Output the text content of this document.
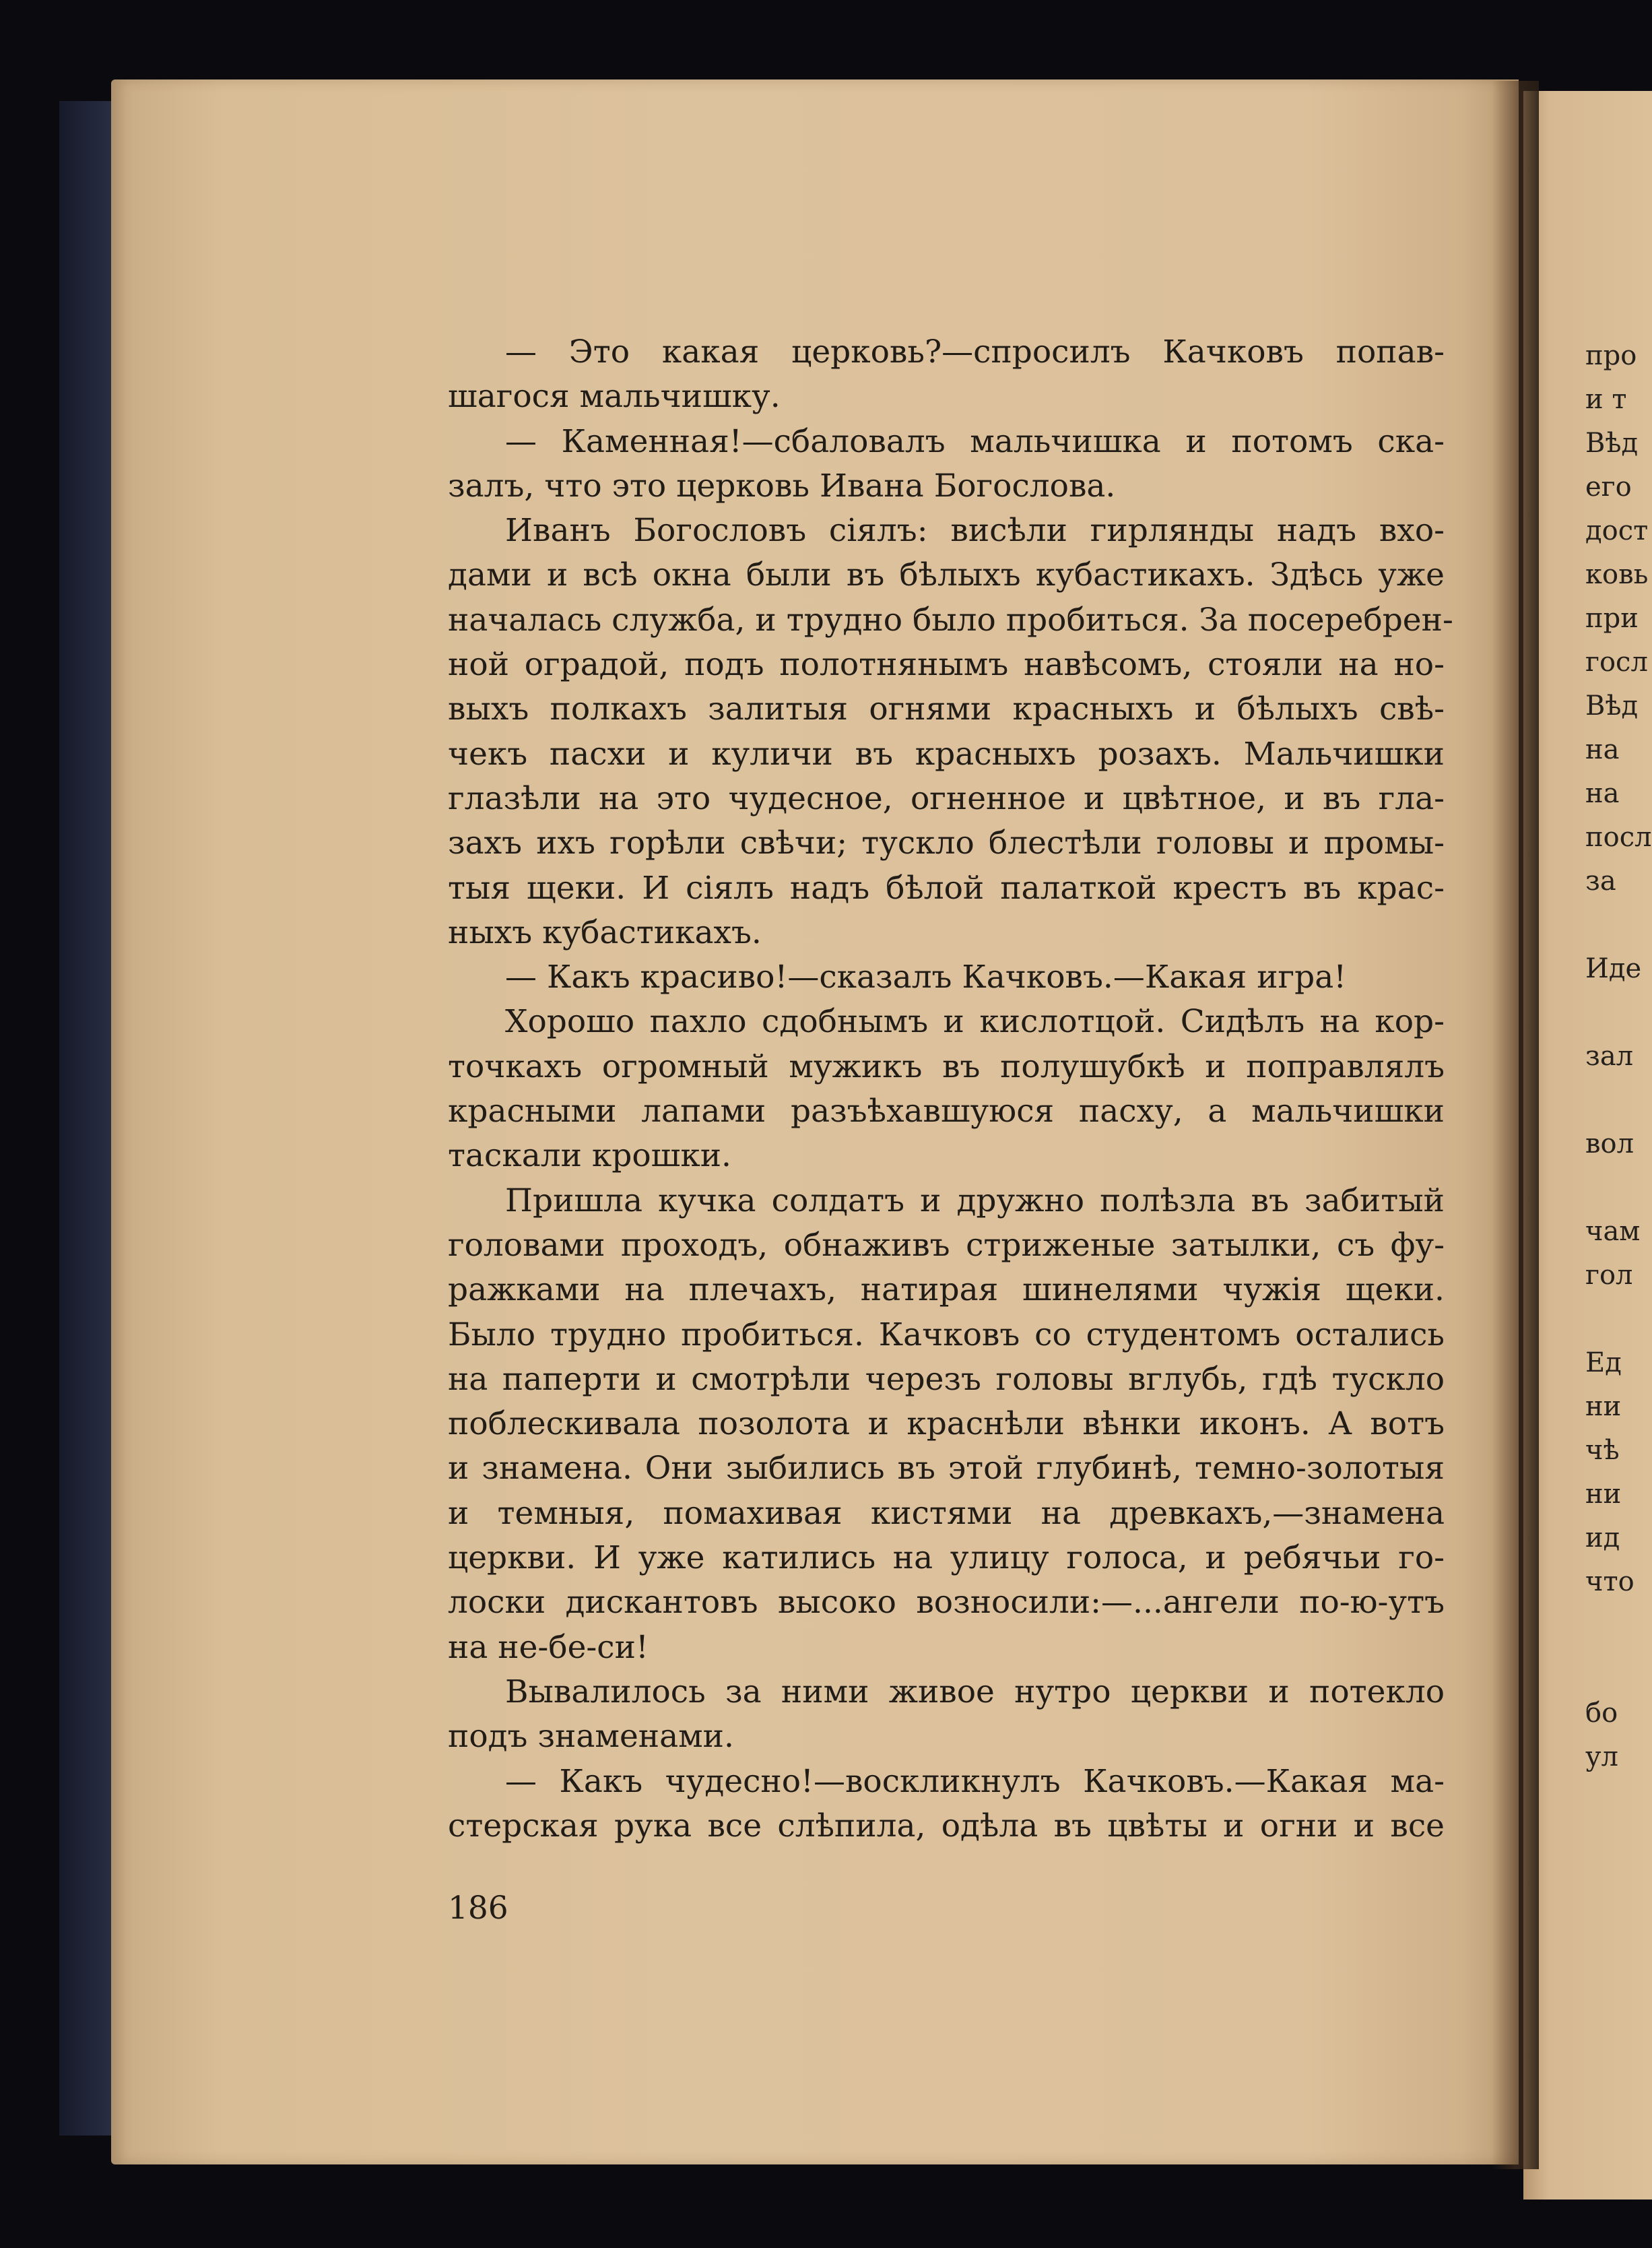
про
и т
Вѣд
его
дост
ковь
при
госл
Вѣд
на
на
посл
за
Иде
зал
вол
чам
гол
Ед
ни
чѣ
ни
ид
что
бо
ул
— Это какая церковь?—спросилъ Качковъ попав-
шагося мальчишку.
— Каменная!—сбаловалъ мальчишка и потомъ ска-
залъ, что это церковь Ивана Богослова.
Иванъ Богословъ сіялъ: висѣли гирлянды надъ вхо-
дами и всѣ окна были въ бѣлыхъ кубастикахъ. Здѣсь уже
началась служба, и трудно было пробиться. За посеребрен-
ной оградой, подъ полотнянымъ навѣсомъ, стояли на но-
выхъ полкахъ залитыя огнями красныхъ и бѣлыхъ свѣ-
чекъ пасхи и куличи въ красныхъ розахъ. Мальчишки
глазѣли на это чудесное, огненное и цвѣтное, и въ гла-
захъ ихъ горѣли свѣчи; тускло блестѣли головы и промы-
тыя щеки. И сіялъ надъ бѣлой палаткой крестъ въ крас-
ныхъ кубастикахъ.
— Какъ красиво!—сказалъ Качковъ.—Какая игра!
Хорошо пахло сдобнымъ и кислотцой. Сидѣлъ на кор-
точкахъ огромный мужикъ въ полушубкѣ и поправлялъ
красными лапами разъѣхавшуюся пасху, а мальчишки
таскали крошки.
Пришла кучка солдатъ и дружно полѣзла въ забитый
головами проходъ, обнаживъ стриженые затылки, съ фу-
ражками на плечахъ, натирая шинелями чужія щеки.
Было трудно пробиться. Качковъ со студентомъ остались
на паперти и смотрѣли черезъ головы вглубь, гдѣ тускло
поблескивала позолота и краснѣли вѣнки иконъ. А вотъ
и знамена. Они зыбились въ этой глубинѣ, темно-золотыя
и темныя, помахивая кистями на древкахъ,—знамена
церкви. И уже катились на улицу голоса, и ребячьи го-
лоски дискантовъ высоко возносили:—...ангели по-ю-утъ
на не-бе-си!
Вывалилось за ними живое нутро церкви и потекло
подъ знаменами.
— Какъ чудесно!—воскликнулъ Качковъ.—Какая ма-
стерская рука все слѣпила, одѣла въ цвѣты и огни и все
186
